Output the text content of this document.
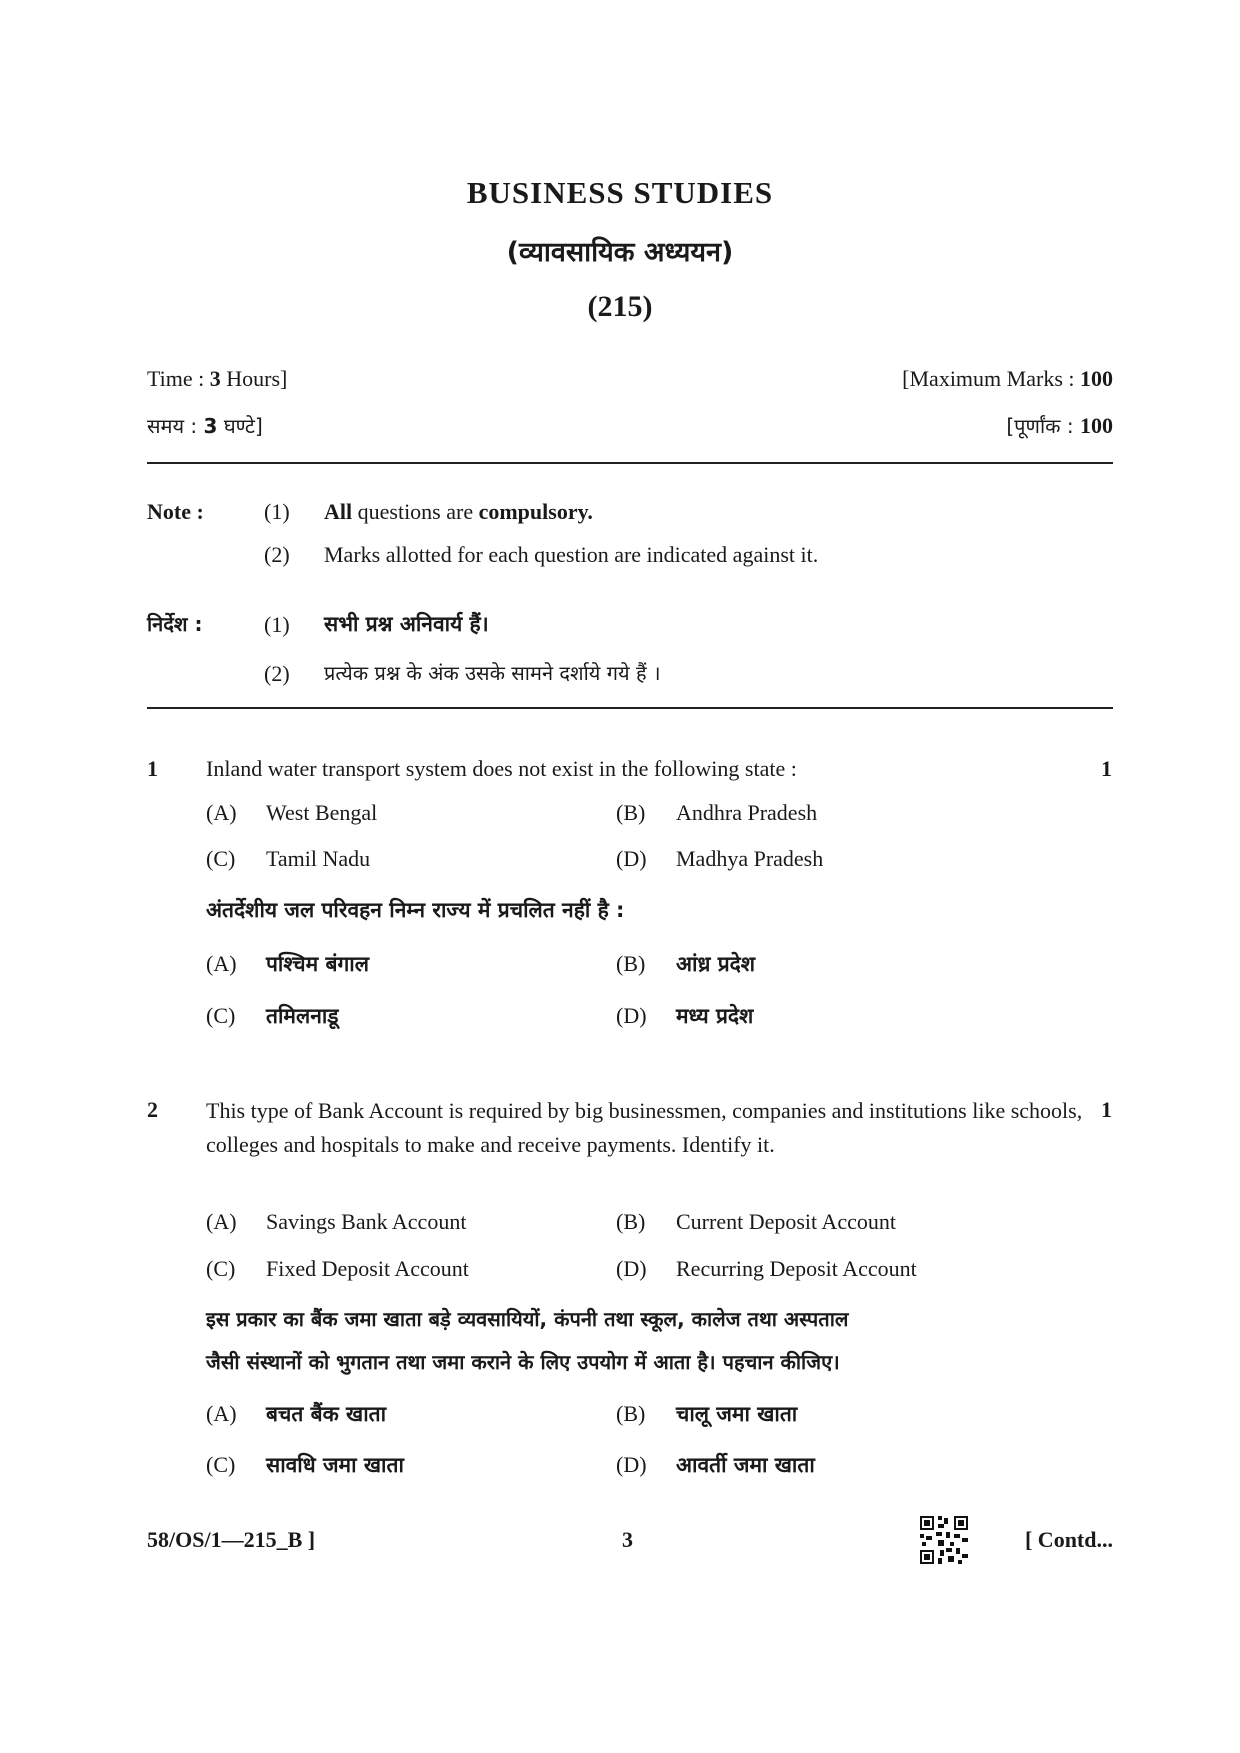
BUSINESS STUDIES
(व्यावसायिक अध्ययन)
(215)
Time : 3 Hours]	[Maximum Marks : 100
समय : 3 घण्टे]	[पूर्णांक : 100
Note :	(1) All questions are compulsory.
(2) Marks allotted for each question are indicated against it.
निर्देश :	(1) सभी प्रश्न अनिवार्य हैं।
(2) प्रत्येक प्रश्न के अंक उसके सामने दर्शाये गये हैं ।
1 Inland water transport system does not exist in the following state :	1
(A) West Bengal	(B) Andhra Pradesh
(C) Tamil Nadu	(D) Madhya Pradesh
अंतर्देशीय जल परिवहन निम्न राज्य में प्रचलित नहीं है :
(A) पश्चिम बंगाल	(B) आंध्र प्रदेश
(C) तमिलनाडू	(D) मध्य प्रदेश
2 This type of Bank Account is required by big businessmen, companies and institutions like schools, colleges and hospitals to make and receive payments. Identify it.
1
(A) Savings Bank Account	(B) Current Deposit Account
(C) Fixed Deposit Account	(D) Recurring Deposit Account
इस प्रकार का बैंक जमा खाता बड़े व्यवसायियों, कंपनी तथा स्कूल, कालेज तथा अस्पताल
जैसी संस्थानों को भुगतान तथा जमा कराने के लिए उपयोग में आता है। पहचान कीजिए।
(A) बचत बैंक खाता	(B) चालू जमा खाता
(C) सावधि जमा खाता	(D) आवर्ती जमा खाता
58/OS/1—215_B ]	3	[ Contd...
